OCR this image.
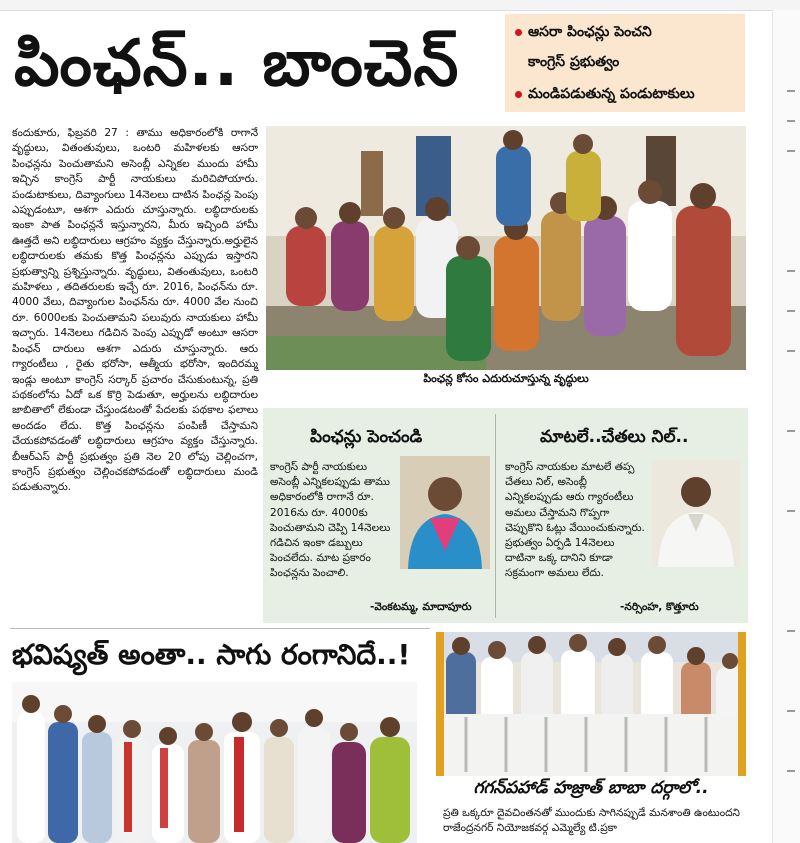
పింఛన్.. బాంచెన్	ఆసరా పింఛన్లు పెంచని
కాంగ్రెస్ ప్రభుత్వం
మండిపడుతున్న పండుటాకులు

కందుకూరు, ఫిబ్రవరి 27 : తాము అధికారంలోకి రాగానే వృద్ధులు, వితంతువులు, ఒంటరి మహిళలకు ఆసరా పింఛన్లను పెంచుతామని అసెంబ్లీ ఎన్నికల ముందు హామీ ఇచ్చిన కాంగ్రెస్ పార్టీ నాయకులు మరిచిపోయారు. పండుటాకులు, దివ్యాంగులు 14నెలలు దాటిన పింఛన్ల పెంపు ఎప్పుడంటూ, ఆశగా ఎదురు చూస్తున్నారు. లబ్ధిదారులకు ఇంకా పాత పింఛన్లనే ఇస్తున్నారని, మీరు ఇచ్చింది హామీ ఊత్తదే అని లబ్ధిదారులు ఆగ్రహం వ్యక్తం చేస్తున్నారు.అర్హులైన లబ్ధిదారులకు తమకు కొత్త పింఛన్లను ఎప్పుడు ఇస్తారని ప్రభుత్వాన్ని ప్రశ్నిస్తున్నారు. వృద్ధులు, వితంతువులు, ఒంటరి మహిళలు , తదితరులకు ఇచ్చే రూ. 2016, పింఛన్‌ను రూ. 4000 వేలు, దివ్యాంగుల పింఛన్‌ను రూ. 4000 వేల నుంచి రూ. 6000లకు పెంచుతామని పలువురు నాయకులు హామీ ఇచ్చారు. 14నెలలు గడిచిన పెంపు ఎప్పుడో అంటూ ఆసరా పింఛన్ దారులు ఆశగా ఎదురు చూస్తున్నారు. ఆరు గ్యారంటీలు , రైతు భరోసా, ఆత్మీయ భరోసా, ఇందిరమ్మ ఇండ్లు అంటూ కాంగ్రెస్ సర్కార్ ప్రచారం చేసుకుంటున్న, ప్రతి పథకంలోను ఏదో ఒక కొర్రి పెడుతూ, అర్హులను లబ్ధిదారుల జాబితాలో లేకుండా చేస్తుండటంతో పేదలకు పథకాల ఫలాలు అందడం లేదు. కొత్త పింఛన్లను పంపిణీ చేస్తామని చేయకపోవడంతో లబ్ధిదారులు ఆగ్రహం వ్యక్తం చేస్తున్నారు. బీఆర్ఎస్ పార్టీ ప్రభుత్వం ప్రతి నెల 20 లోపు చెల్లించగా, కాంగ్రెస్ ప్రభుత్వం చెల్లించకపోవడంతో లబ్ధిదారులు మండి పడుతున్నారు.

పింఛన్ల కోసం ఎదురుచూస్తున్న వృద్ధులు
పింఛన్లు పెంచండి
కాంగ్రెస్ పార్టీ నాయకులు అసెంబ్లీ ఎన్నికలప్పుడు తాము అధికారంలోకి రాగానే రూ. 2016ను రూ. 4000కు పెంచుతామని చెప్పి 14నెలలు గడిచిన ఇంకా డబ్బులు పెంచలేదు. మాట ప్రకారం పింఛన్లను పెంచాలి.
-వెంకటమ్మ, మాదాపూరు
మాటలే..చేతలు నిల్..
కాంగ్రెస్ నాయకుల మాటలే తప్ప చేతలు నిల్, అసెంబ్లీ ఎన్నికలప్పుడు ఆరు గ్యారంటీలు అమలు చేస్తామని గొప్పగా చెప్పుకొని ఓట్లు వేయించుకున్నారు. ప్రభుత్వం ఏర్పడి 14నెలలు దాటినా ఒక్క దానిని కూడా సక్రమంగా అమలు లేదు.
-నర్సింహ, కొత్తూరు
భవిష్యత్ అంతా.. సాగు రంగానిదే..!
గగన్‌పహాడ్ హజ్రాత్ బాబా దర్గాలో..
ప్రతి ఒక్కరూ దైవచింతనతో ముందుకు సాగినప్పుడే మనశాంతి ఉంటుందని రాజేంద్రనగర్ నియోజకవర్గ ఎమ్మెల్యే టి.ప్రకా
